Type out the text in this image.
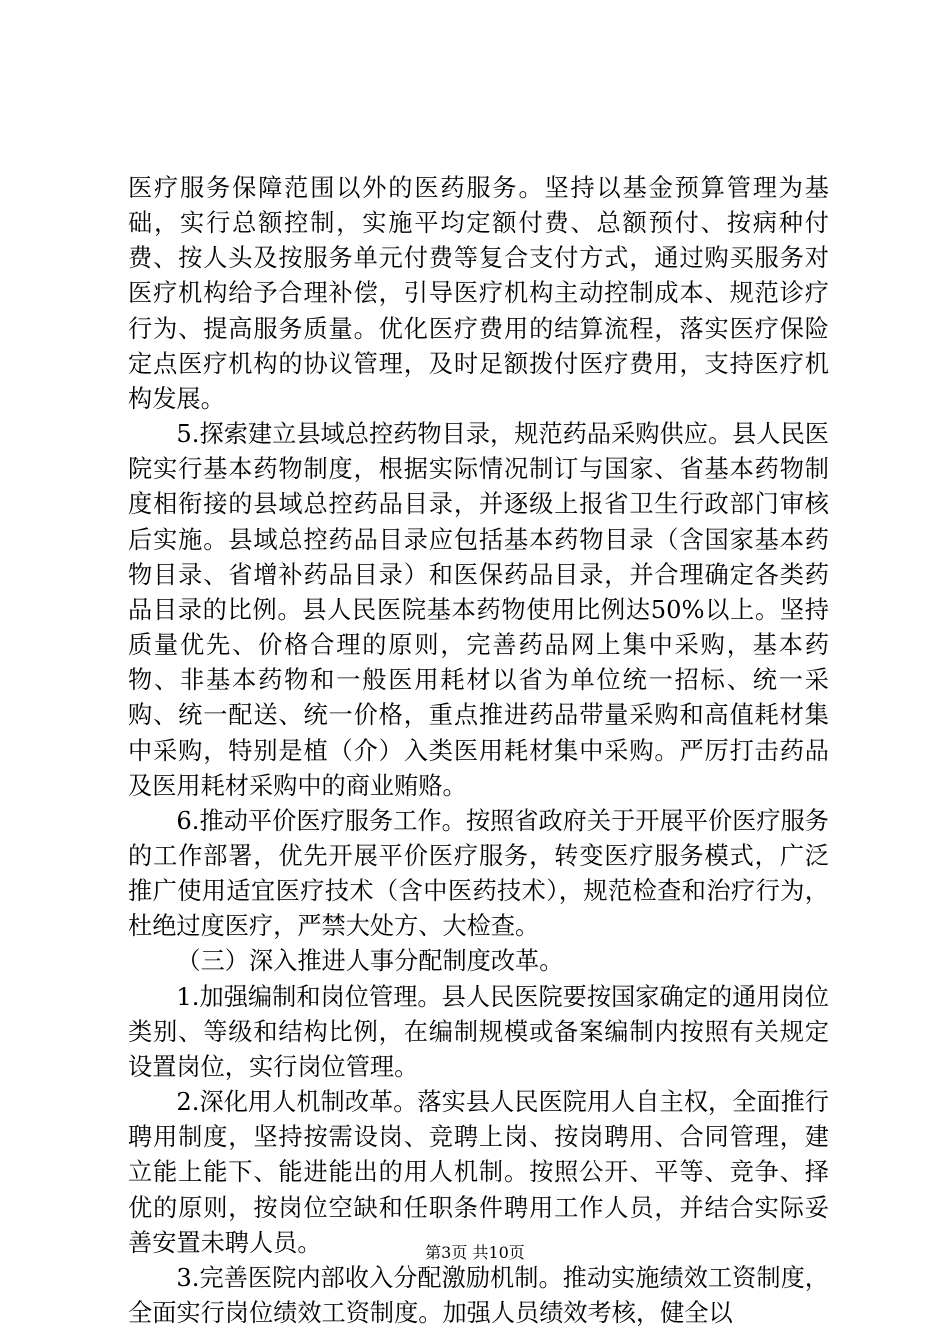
医疗服务保障范围以外的医药服务。坚持以基金预算管理为基础，实行总额控制，实施平均定额付费、总额预付、按病种付费、按人头及按服务单元付费等复合支付方式，通过购买服务对医疗机构给予合理补偿，引导医疗机构主动控制成本、规范诊疗行为、提高服务质量。优化医疗费用的结算流程，落实医疗保险定点医疗机构的协议管理，及时足额拨付医疗费用，支持医疗机构发展。

5.探索建立县域总控药物目录，规范药品采购供应。县人民医院实行基本药物制度，根据实际情况制订与国家、省基本药物制度相衔接的县域总控药品目录，并逐级上报省卫生行政部门审核后实施。县域总控药品目录应包括基本药物目录（含国家基本药物目录、省增补药品目录）和医保药品目录，并合理确定各类药品目录的比例。县人民医院基本药物使用比例达50%以上。坚持质量优先、价格合理的原则，完善药品网上集中采购，基本药物、非基本药物和一般医用耗材以省为单位统一招标、统一采购、统一配送、统一价格，重点推进药品带量采购和高值耗材集中采购，特别是植（介）入类医用耗材集中采购。严厉打击药品及医用耗材采购中的商业贿赂。

6.推动平价医疗服务工作。按照省政府关于开展平价医疗服务的工作部署，优先开展平价医疗服务，转变医疗服务模式，广泛推广使用适宜医疗技术（含中医药技术），规范检查和治疗行为，杜绝过度医疗，严禁大处方、大检查。

（三）深入推进人事分配制度改革。

1.加强编制和岗位管理。县人民医院要按国家确定的通用岗位类别、等级和结构比例，在编制规模或备案编制内按照有关规定设置岗位，实行岗位管理。

2.深化用人机制改革。落实县人民医院用人自主权，全面推行聘用制度，坚持按需设岗、竞聘上岗、按岗聘用、合同管理，建立能上能下、能进能出的用人机制。按照公开、平等、竞争、择优的原则，按岗位空缺和任职条件聘用工作人员，并结合实际妥善安置未聘人员。

3.完善医院内部收入分配激励机制。推动实施绩效工资制度，全面实行岗位绩效工资制度。加强人员绩效考核，健全以

第3页 共10页
